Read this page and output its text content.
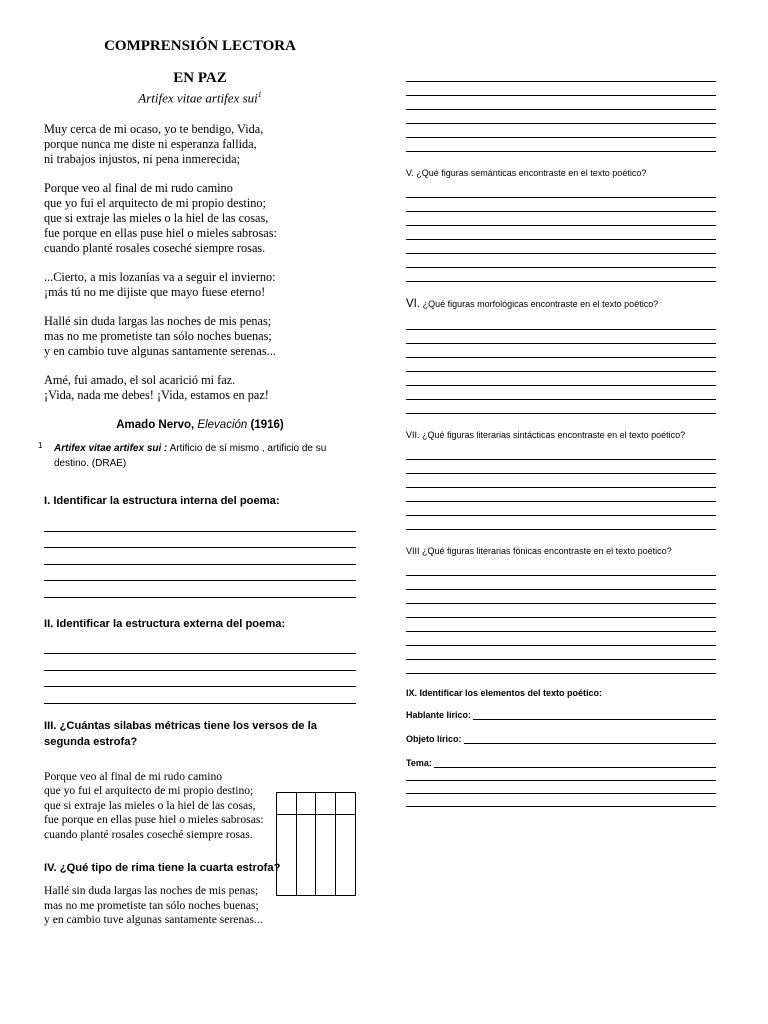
COMPRENSIÓN LECTORA
EN PAZ

Artifex vitae artifex sui$^1$

Muy cerca de mi ocaso, yo te bendigo, Vida,
porque nunca me diste ni esperanza fallida,
ni trabajos injustos, ni pena inmerecida;
Porque veo al final de mi rudo camino
que yo fui el arquitecto de mi propio destino;
que si extraje las mieles o la hiel de las cosas,
fue porque en ellas puse hiel o mieles sabrosas:
cuando planté rosales coseché siempre rosas.
...Cierto, a mis lozanías va a seguir el invierno:
¡más tú no me dijiste que mayo fuese eterno!
Hallé sin duda largas las noches de mis penas;
mas no me prometiste tan sólo noches buenas;
y en cambio tuve algunas santamente serenas...
Amé, fui amado, el sol acarició mi faz.
¡Vida, nada me debes! ¡Vida, estamos en paz!

Amado Nervo, Elevación (1916)

1 Artifex vitae artifex sui : Artificio de sí mismo , artificio de su destino. (DRAE)

I. Identificar la estructura interna del poema:

II. Identificar la estructura externa del poema:

III. ¿Cuántas silabas métricas tiene los versos de la segunda estrofa?

Porque veo al final de mi rudo camino
que yo fui el arquitecto de mi propio destino;
que si extraje las mieles o la hiel de las cosas,
fue porque en ellas puse hiel o mieles sabrosas:
cuando planté rosales coseché siempre rosas.

IV. ¿Qué tipo de rima tiene la cuarta estrofa?

Hallé sin duda largas las noches de mis penas;
mas no me prometiste tan sólo noches buenas;
y en cambio tuve algunas santamente serenas...

V. ¿Qué figuras semánticas encontraste en el texto poético?

VI. ¿Qué figuras morfológicas encontraste en el texto poético?

VII. ¿Qué figuras literarias sintácticas encontraste en el texto poético?

VIII ¿Qué figuras literarias fónicas encontraste en el texto poético?

IX. Identificar los elementos del texto poético:

Hablante lírico:
Objeto lírico:
Tema:
